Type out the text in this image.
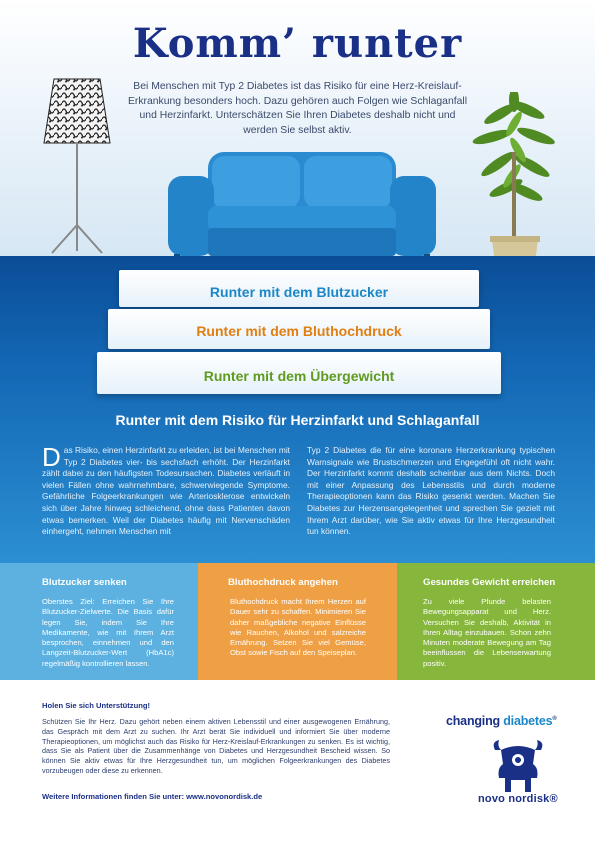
Komm’ runter

Bei Menschen mit Typ 2 Diabetes ist das Risiko für eine Herz-Kreislauf-Erkrankung besonders hoch. Dazu gehören auch Folgen wie Schlaganfall und Herzinfarkt. Unterschätzen Sie Ihren Diabetes deshalb nicht und werden Sie selbst aktiv.

Runter mit dem Blutzucker
Runter mit dem Bluthochdruck
Runter mit dem Übergewicht
Runter mit dem Risiko für Herzinfarkt und Schlaganfall
D as Risiko, einen Herzinfarkt zu erleiden, ist bei Menschen mit Typ 2 Diabetes vier- bis sechsfach erhöht. Der Herzinfarkt zählt dabei zu den häufigsten Todesursachen. Diabetes verläuft in vielen Fällen ohne wahrnehmbare, schwerwiegende Symptome. Gefährliche Folgeerkrankungen wie Arteriosklerose entwickeln sich über Jahre hinweg schleichend, ohne dass Patienten davon etwas bemerken. Weil der Diabetes häufig mit Nervenschäden einhergeht, nehmen Menschen mit
Typ 2 Diabetes die für eine koronare Herzerkrankung typischen Warnsignale wie Brustschmerzen und Engegefühl oft nicht wahr. Der Herzinfarkt kommt deshalb scheinbar aus dem Nichts. Doch mit einer Anpassung des Lebensstils und durch moderne Therapieoptionen kann das Risiko gesenkt werden. Machen Sie Diabetes zur Herzensangelegenheit und sprechen Sie gezielt mit Ihrem Arzt darüber, wie Sie aktiv etwas für Ihre Herzgesundheit tun können.
Blutzucker senken
Oberstes Ziel: Erreichen Sie Ihre Blutzucker-Zielwerte. Die Basis dafür legen Sie, indem Sie Ihre Medikamente, wie mit Ihrem Arzt besprochen, einnehmen und den Langzeit-Blutzucker-Wert (HbA1c) regelmäßig kontrollieren lassen.
Bluthochdruck angehen
Bluthochdruck macht Ihrem Herzen auf Dauer sehr zu schaffen. Minimieren Sie daher maßgebliche negative Einflüsse wie Rauchen, Alkohol und salzreiche Ernährung. Setzen Sie viel Gemüse, Obst sowie Fisch auf den Speiseplan.
Gesundes Gewicht erreichen
Zu viele Pfunde belasten Bewegungsapparat und Herz. Versuchen Sie deshalb, Aktivität in Ihren Alltag einzubauen. Schon zehn Minuten moderate Bewegung am Tag beeinflussen die Lebenserwartung positiv.
Holen Sie sich Unterstützung!
Schützen Sie Ihr Herz. Dazu gehört neben einem aktiven Lebensstil und einer ausgewogenen Ernährung, das Gespräch mit dem Arzt zu suchen. Ihr Arzt berät Sie individuell und informiert Sie über moderne Therapieoptionen, um möglichst auch das Risiko für Herz-Kreislauf-Erkrankungen zu senken. Es ist wichtig, dass Sie als Patient über die Zusammenhänge von Diabetes und Herzgesundheit Bescheid wissen. So können Sie aktiv etwas für Ihre Herzgesundheit tun, um möglichen Folgeerkrankungen des Diabetes vorzubeugen oder diese zu erkennen.
Weitere Informationen finden Sie unter: www.novonordisk.de
changing diabetes®
novo nordisk®
